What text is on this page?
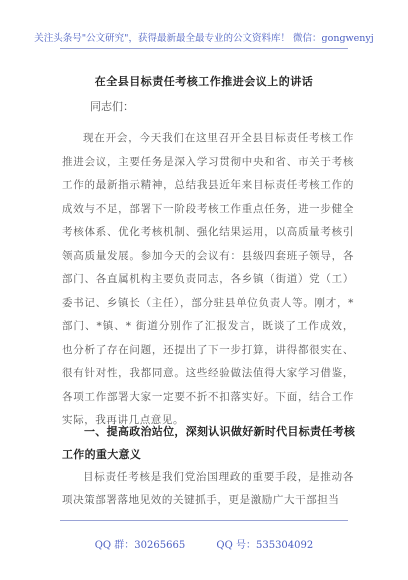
关注头条号"公文研究"，获得最新最全最专业的公文资料库！ 微信：gongwenyj
在全县目标责任考核工作推进会议上的讲话
同志们：

现在开会，今天我们在这里召开全县目标责任考核工作推进会议，主要任务是深入学习贯彻中央和省、市关于考核工作的最新指示精神，总结我县近年来目标责任考核工作的成效与不足，部署下一阶段考核工作重点任务，进一步健全考核体系、优化考核机制、强化结果运用，以高质量考核引领高质量发展。参加今天的会议有：县级四套班子领导，各部门、各直属机构主要负责同志，各乡镇（街道）党（工）委书记、乡镇长（主任），部分驻县单位负责人等。刚才，*部门、*镇、* 街道分别作了汇报发言，既谈了工作成效，也分析了存在问题，还提出了下一步打算，讲得都很实在、很有针对性，我都同意。这些经验做法值得大家学习借鉴，各项工作部署大家一定要不折不扣落实好。下面，结合工作实际，我再讲几点意见。

一、提高政治站位，深刻认识做好新时代目标责任考核工作的重大意义

目标责任考核是我们党治国理政的重要手段，是推动各项决策部署落地见效的关键抓手，更是激励广大干部担当

QQ 群：30265665	QQ 号：535304092
